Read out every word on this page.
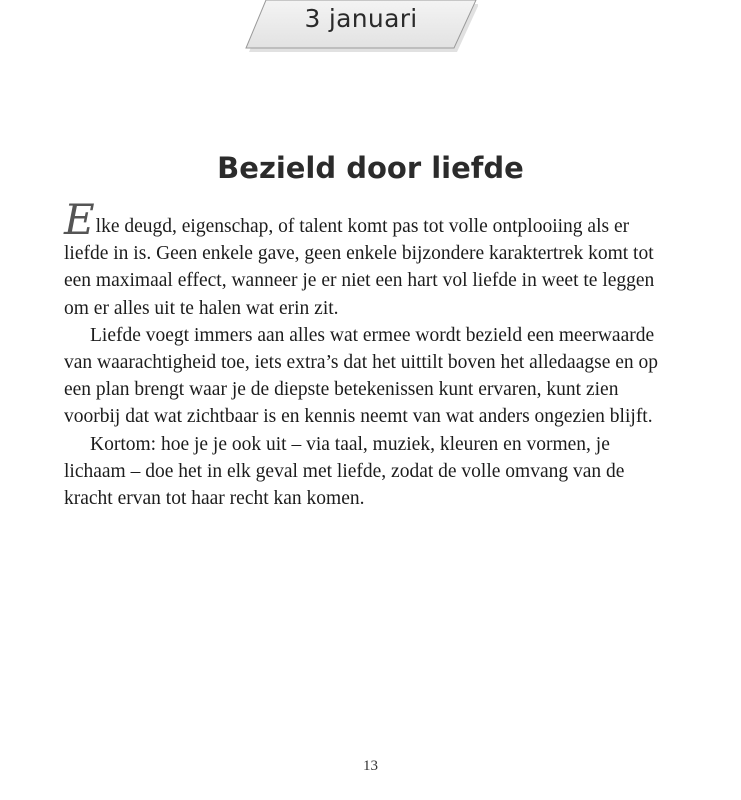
3 januari
Bezield door liefde

Elke deugd, eigenschap, of talent komt pas tot volle ontplooiing als er liefde in is. Geen enkele gave, geen enkele bijzondere karaktertrek komt tot een maximaal effect, wanneer je er niet een hart vol liefde in weet te leggen om er alles uit te halen wat erin zit.

Liefde voegt immers aan alles wat ermee wordt bezield een meerwaarde van waarachtigheid toe, iets extra’s dat het uittilt boven het alledaagse en op een plan brengt waar je de diepste betekenissen kunt ervaren, kunt zien voorbij dat wat zichtbaar is en kennis neemt van wat anders ongezien blijft.

Kortom: hoe je je ook uit – via taal, muziek, kleuren en vormen, je lichaam – doe het in elk geval met liefde, zodat de volle omvang van de kracht ervan tot haar recht kan komen.

13
